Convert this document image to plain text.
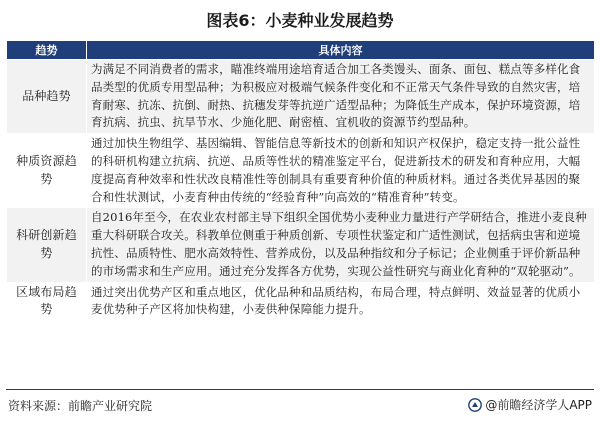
图表6：小麦种业发展趋势
趋势	具体内容
品种趋势	为满足不同消费者的需求，瞄准终端用途培育适合加工各类馒头、面条、面包、糕点等多样化食品类型的优质专用型品种；为积极应对极端气候条件变化和不正常天气条件导致的自然灾害，培育耐寒、抗冻、抗倒、耐热、抗穗发芽等抗逆广适型品种；为降低生产成本，保护环境资源，培育抗病、抗虫、抗旱节水、少施化肥、耐密植、宜机收的资源节约型品种。
种质资源趋势	通过加快生物组学、基因编辑、智能信息等新技术的创新和知识产权保护，稳定支持一批公益性的科研机构建立抗病、抗逆、品质等性状的精准鉴定平台，促进新技术的研发和育种应用，大幅度提高育种效率和性状改良精准性等创制具有重要育种价值的种质材料。通过各类优异基因的聚合和性状测试，小麦育种由传统的“经验育种”向高效的“精准育种”转变。
科研创新趋势	自2016年至今，在农业农村部主导下组织全国优势小麦种业力量进行产学研结合，推进小麦良种重大科研联合攻关。科教单位侧重于种质创新、专项性状鉴定和广适性测试，包括病虫害和逆境抗性、品质特性、肥水高效特性、营养成份，以及品种指纹和分子标记；企业侧重于评价新品种的市场需求和生产应用。通过充分发挥各方优势，实现公益性研究与商业化育种的“双轮驱动”。
区域布局趋势	通过突出优势产区和重点地区，优化品种和品质结构，布局合理，特点鲜明、效益显著的优质小麦优势种子产区将加快构建，小麦供种保障能力提升。
资料来源：前瞻产业研究院	@前瞻经济学人APP
